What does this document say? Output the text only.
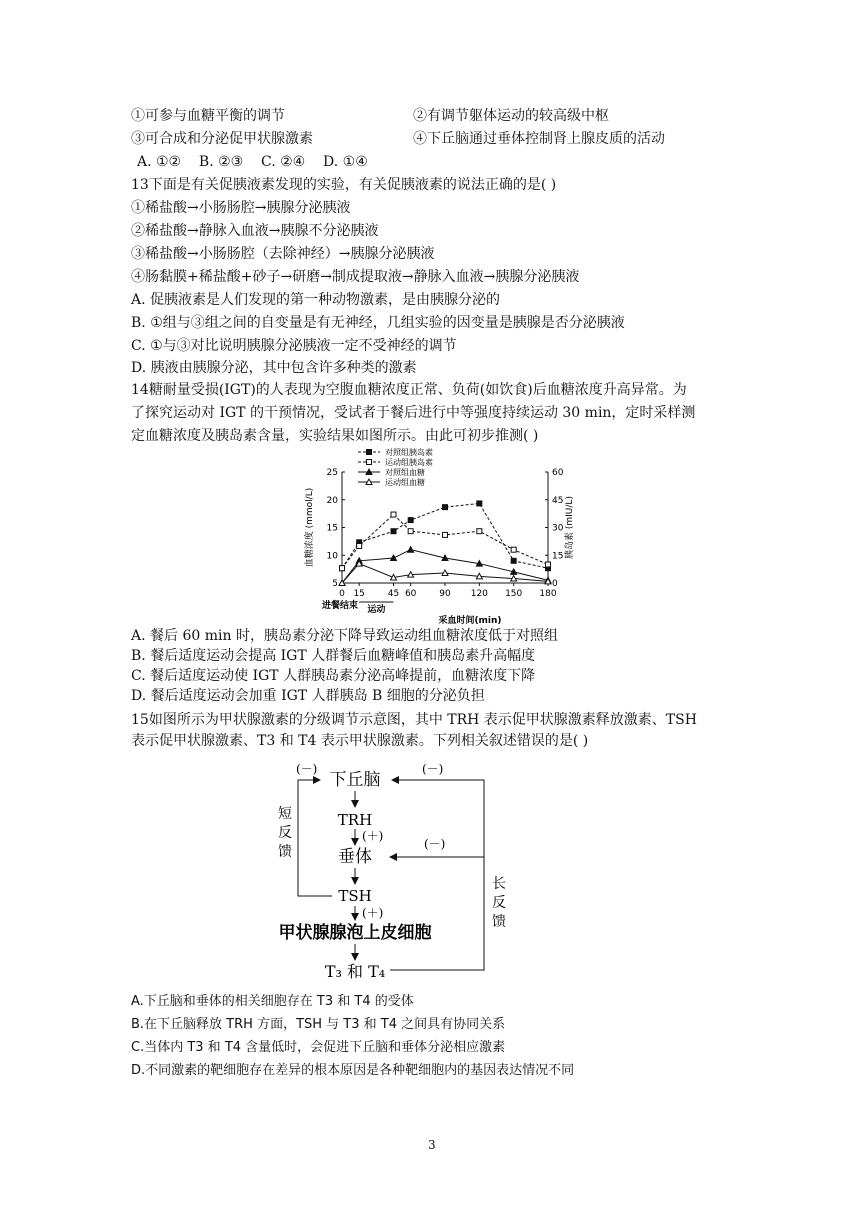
①可参与血糖平衡的调节	②有调节躯体运动的较高级中枢
③可合成和分泌促甲状腺激素	④下丘脑通过垂体控制肾上腺皮质的活动
A. ①②    B. ②③    C. ②④    D. ①④
13下面是有关促胰液素发现的实验，有关促胰液素的说法正确的是( )
①稀盐酸→小肠肠腔→胰腺分泌胰液
②稀盐酸→静脉入血液→胰腺不分泌胰液
③稀盐酸→小肠肠腔（去除神经）→胰腺分泌胰液
④肠黏膜+稀盐酸+砂子→研磨→制成提取液→静脉入血液→胰腺分泌胰液
A. 促胰液素是人们发现的第一种动物激素，是由胰腺分泌的
B. ①组与③组之间的自变量是有无神经，几组实验的因变量是胰腺是否分泌胰液
C. ①与③对比说明胰腺分泌胰液一定不受神经的调节
D. 胰液由胰腺分泌，其中包含许多种类的激素
14糖耐量受损(IGT)的人表现为空腹血糖浓度正常、负荷(如饮食)后血糖浓度升高异常。为
了探究运动对 IGT 的干预情况，受试者于餐后进行中等强度持续运动 30 min，定时采样测
定血糖浓度及胰岛素含量，实验结果如图所示。由此可初步推测( )
5
10
15
20
25
0
15
30
45
60
0 15	45 60	90 120 150 180
血糖浓度 (mmol/L)	胰岛素 (mIU/L)
采血时间(min)
进餐结束 运动
对照组胰岛素
运动组胰岛素
对照组血糖
运动组血糖
A. 餐后 60 min 时，胰岛素分泌下降导致运动组血糖浓度低于对照组
B. 餐后适度运动会提高 IGT 人群餐后血糖峰值和胰岛素升高幅度
C. 餐后适度运动使 IGT 人群胰岛素分泌高峰提前，血糖浓度下降
D. 餐后适度运动会加重 IGT 人群胰岛 B 细胞的分泌负担
15如图所示为甲状腺激素的分级调节示意图，其中 TRH 表示促甲状腺激素释放激素、TSH
表示促甲状腺激素、T3 和 T4 表示甲状腺激素。下列相关叙述错误的是( )
下丘脑
TRH
垂体
TSH
甲状腺腺泡上皮细胞
T₃ 和 T₄
(＋)
(＋)
(－)
短反馈
(－)
(－)
长反馈
A.下丘脑和垂体的相关细胞存在 T3 和 T4 的受体
B.在下丘脑释放 TRH 方面，TSH 与 T3 和 T4 之间具有协同关系
C.当体内 T3 和 T4 含量低时，会促进下丘脑和垂体分泌相应激素
D.不同激素的靶细胞存在差异的根本原因是各种靶细胞内的基因表达情况不同
3
